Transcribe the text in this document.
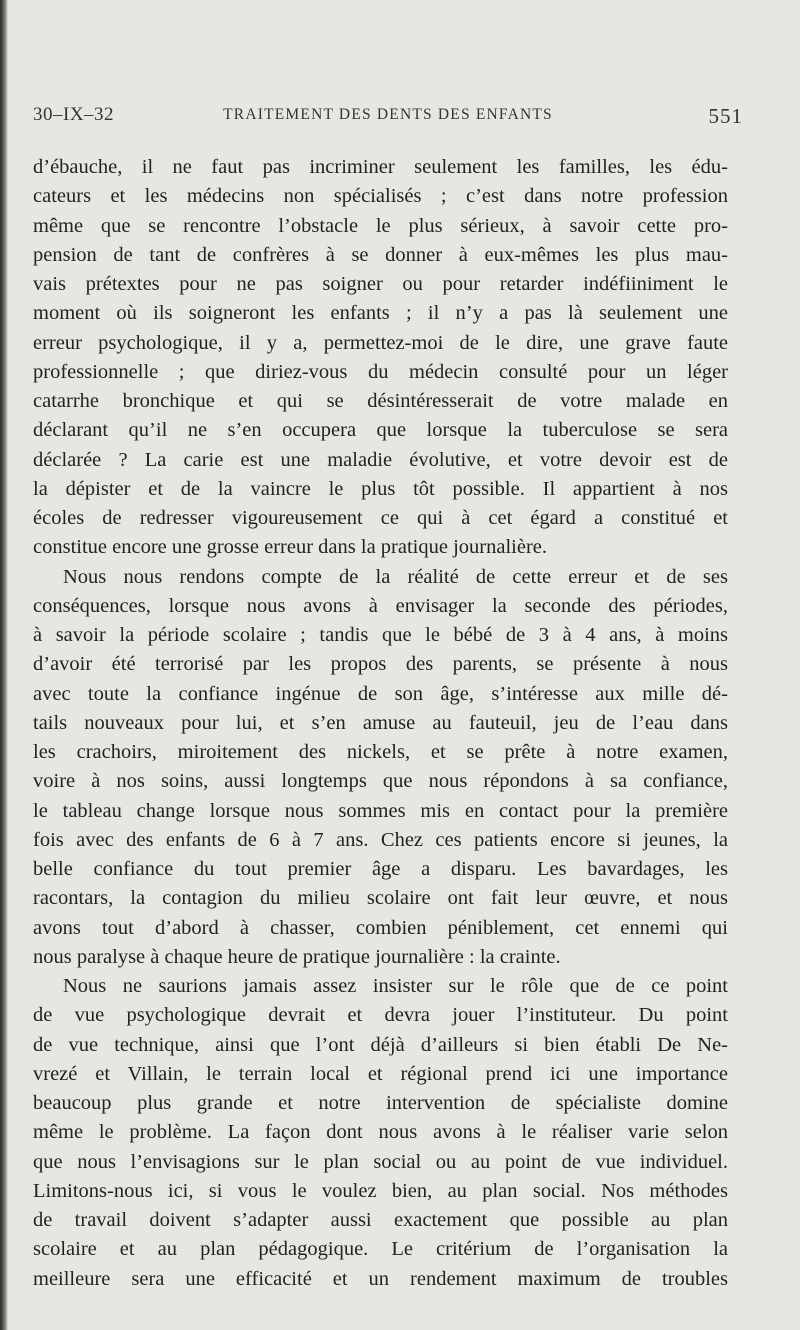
30–IX–32	TRAITEMENT DES DENTS DES ENFANTS	551
d’ébauche, il ne faut pas incriminer seulement les familles, les édu-
cateurs et les médecins non spécialisés ; c’est dans notre profession
même que se rencontre l’obstacle le plus sérieux, à savoir cette pro-
pension de tant de confrères à se donner à eux-mêmes les plus mau-
vais prétextes pour ne pas soigner ou pour retarder indéfiiniment le
moment où ils soigneront les enfants ; il n’y a pas là seulement une
erreur psychologique, il y a, permettez-moi de le dire, une grave faute
professionnelle ; que diriez-vous du médecin consulté pour un léger
catarrhe bronchique et qui se désintéresserait de votre malade en
déclarant qu’il ne s’en occupera que lorsque la tuberculose se sera
déclarée ? La carie est une maladie évolutive, et votre devoir est de
la dépister et de la vaincre le plus tôt possible. Il appartient à nos
écoles de redresser vigoureusement ce qui à cet égard a constitué et
constitue encore une grosse erreur dans la pratique journalière.
Nous nous rendons compte de la réalité de cette erreur et de ses
conséquences, lorsque nous avons à envisager la seconde des périodes,
à savoir la période scolaire ; tandis que le bébé de 3 à 4 ans, à moins
d’avoir été terrorisé par les propos des parents, se présente à nous
avec toute la confiance ingénue de son âge, s’intéresse aux mille dé-
tails nouveaux pour lui, et s’en amuse au fauteuil, jeu de l’eau dans
les crachoirs, miroitement des nickels, et se prête à notre examen,
voire à nos soins, aussi longtemps que nous répondons à sa confiance,
le tableau change lorsque nous sommes mis en contact pour la première
fois avec des enfants de 6 à 7 ans. Chez ces patients encore si jeunes, la
belle confiance du tout premier âge a disparu. Les bavardages, les
racontars, la contagion du milieu scolaire ont fait leur œuvre, et nous
avons tout d’abord à chasser, combien péniblement, cet ennemi qui
nous paralyse à chaque heure de pratique journalière : la crainte.
Nous ne saurions jamais assez insister sur le rôle que de ce point
de vue psychologique devrait et devra jouer l’instituteur. Du point
de vue technique, ainsi que l’ont déjà d’ailleurs si bien établi De Ne-
vrezé et Villain, le terrain local et régional prend ici une importance
beaucoup plus grande et notre intervention de spécialiste domine
même le problème. La façon dont nous avons à le réaliser varie selon
que nous l’envisagions sur le plan social ou au point de vue individuel.
Limitons-nous ici, si vous le voulez bien, au plan social. Nos méthodes
de travail doivent s’adapter aussi exactement que possible au plan
scolaire et au plan pédagogique. Le critérium de l’organisation la
meilleure sera une efficacité et un rendement maximum de troubles
